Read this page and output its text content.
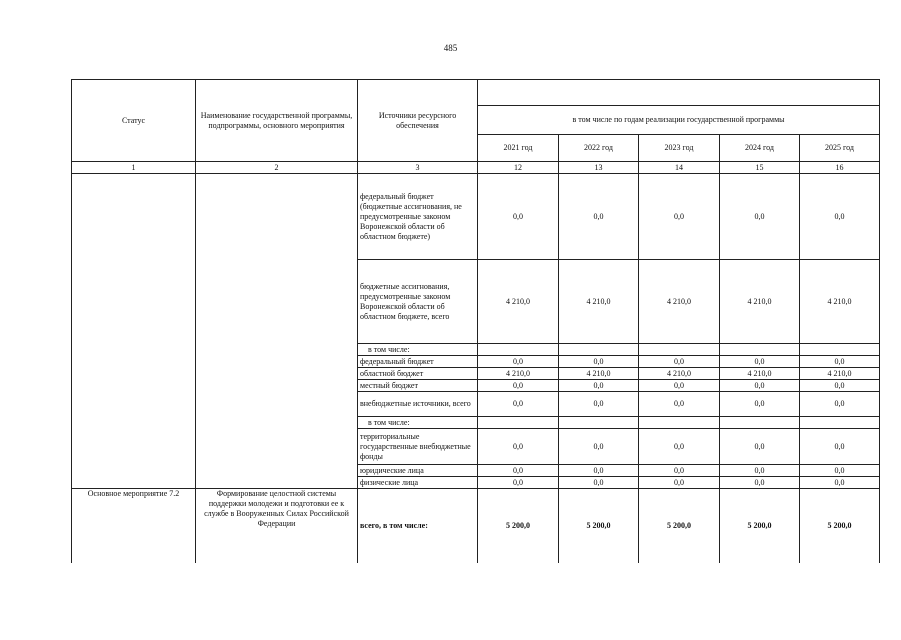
485
Статус	Наименование государственной программы, подпрограммы, основного мероприятия	Источники ресурсного обеспечения					
			в том числе по годам реализации государственной программы				
			2021 год	2022 год	2023 год	2024 год	2025 год
1	2	3	12	13	14	15	16
		федеральный бюджет (бюджетные ассигнования, не предусмотренные законом Воронежской области об областном бюджете)	0,0	0,0	0,0	0,0	0,0
		бюджетные ассигнования, предусмотренные законом Воронежской области об областном бюджете, всего	4 210,0	4 210,0	4 210,0	4 210,0	4 210,0
		в том числе:					
		федеральный бюджет	0,0	0,0	0,0	0,0	0,0
		областной бюджет	4 210,0	4 210,0	4 210,0	4 210,0	4 210,0
		местный бюджет	0,0	0,0	0,0	0,0	0,0
		внебюджетные источники, всего	0,0	0,0	0,0	0,0	0,0
		в том числе:					
		территориальные государственные внебюджетные фонды	0,0	0,0	0,0	0,0	0,0
		юридические лица	0,0	0,0	0,0	0,0	0,0
		физические лица	0,0	0,0	0,0	0,0	0,0
Основное мероприятие 7.2	Формирование целостной системы поддержки молодежи и подготовки ее к службе в Вооруженных Силах Российской Федерации	всего, в том числе:	5 200,0	5 200,0	5 200,0	5 200,0	5 200,0
